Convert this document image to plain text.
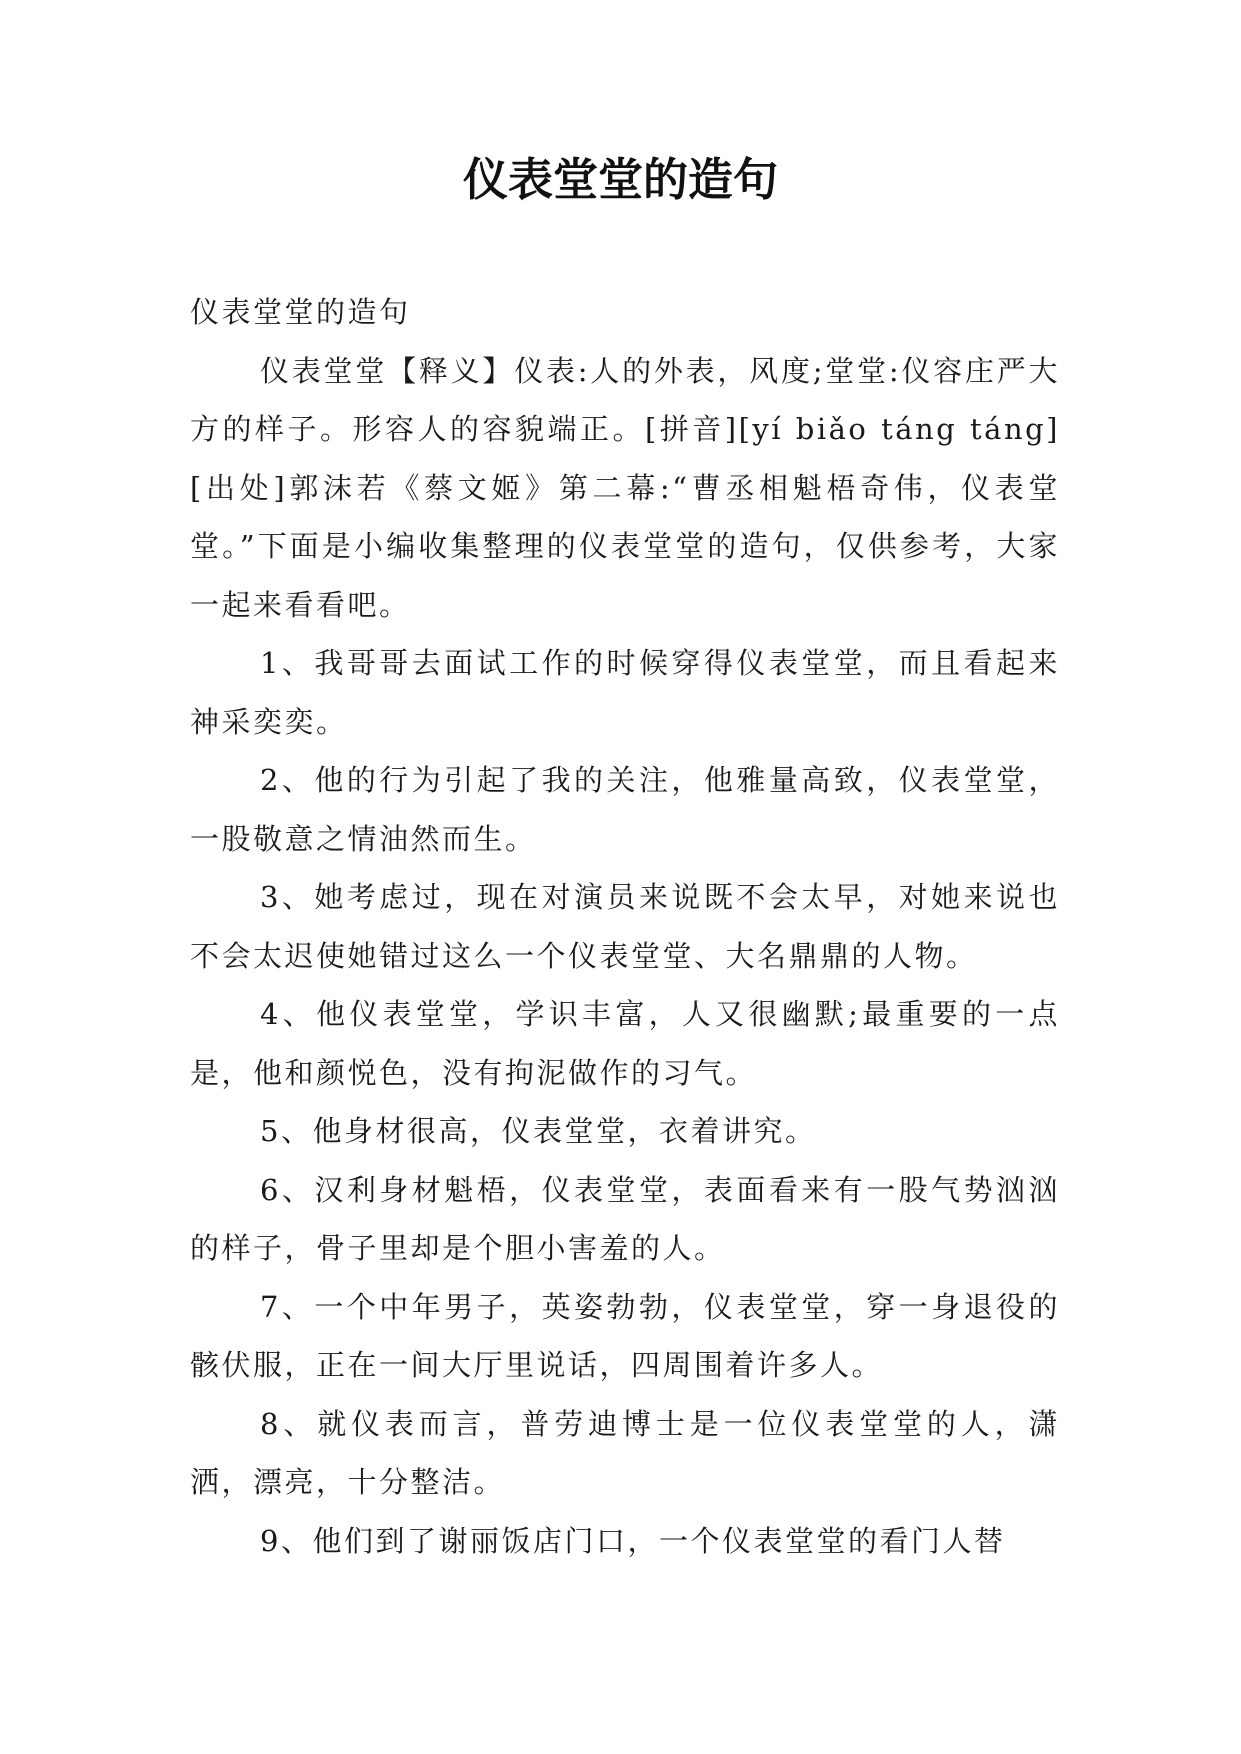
仪表堂堂的造句

仪表堂堂的造句

仪表堂堂【释义】仪表:人的外表，风度;堂堂:仪容庄严大方的样子。形容人的容貌端正。[拼音][yí biǎo táng táng][出处]郭沫若《蔡文姬》第二幕:“曹丞相魁梧奇伟，仪表堂堂。”下面是小编收集整理的仪表堂堂的造句，仅供参考，大家一起来看看吧。

1、我哥哥去面试工作的时候穿得仪表堂堂，而且看起来神采奕奕。

2、他的行为引起了我的关注，他雅量高致，仪表堂堂，一股敬意之情油然而生。

3、她考虑过，现在对演员来说既不会太早，对她来说也不会太迟使她错过这么一个仪表堂堂、大名鼎鼎的人物。

4、他仪表堂堂，学识丰富，人又很幽默;最重要的一点是，他和颜悦色，没有拘泥做作的习气。

5、他身材很高，仪表堂堂，衣着讲究。

6、汉利身材魁梧，仪表堂堂，表面看来有一股气势汹汹的样子，骨子里却是个胆小害羞的人。

7、一个中年男子，英姿勃勃，仪表堂堂，穿一身退役的骸伏服，正在一间大厅里说话，四周围着许多人。

8、就仪表而言，普劳迪博士是一位仪表堂堂的人，潇洒，漂亮，十分整洁。

9、他们到了谢丽饭店门口，一个仪表堂堂的看门人替
